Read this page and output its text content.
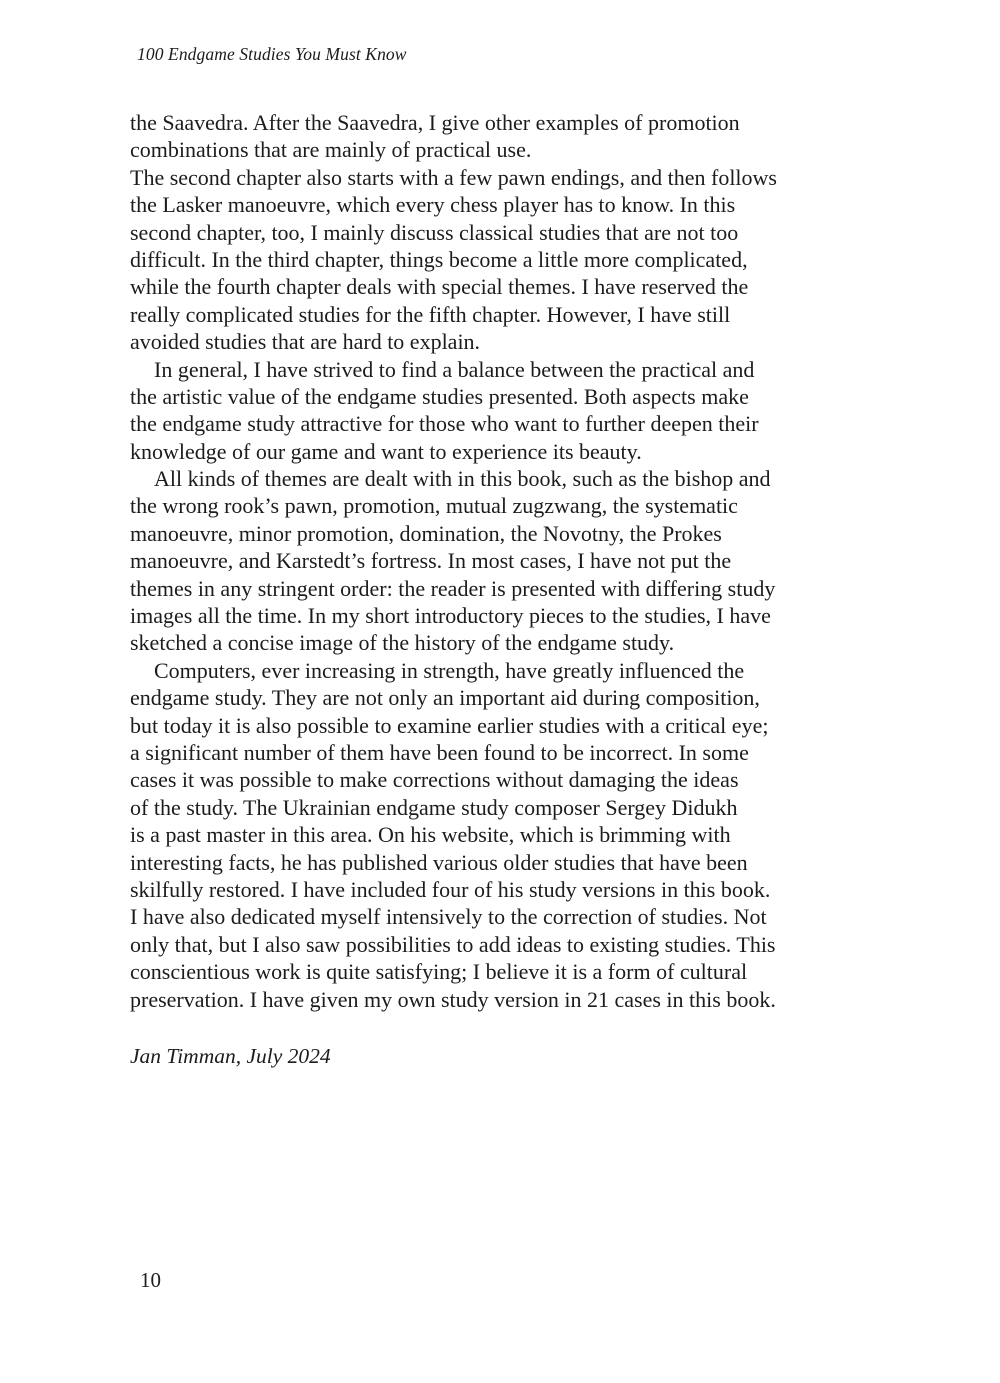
100 Endgame Studies You Must Know
the Saavedra. After the Saavedra, I give other examples of promotion
combinations that are mainly of practical use.
The second chapter also starts with a few pawn endings, and then follows
the Lasker manoeuvre, which every chess player has to know. In this
second chapter, too, I mainly discuss classical studies that are not too
difficult. In the third chapter, things become a little more complicated,
while the fourth chapter deals with special themes. I have reserved the
really complicated studies for the fifth chapter. However, I have still
avoided studies that are hard to explain.
In general, I have strived to find a balance between the practical and
the artistic value of the endgame studies presented. Both aspects make
the endgame study attractive for those who want to further deepen their
knowledge of our game and want to experience its beauty.
All kinds of themes are dealt with in this book, such as the bishop and
the wrong rook’s pawn, promotion, mutual zugzwang, the systematic
manoeuvre, minor promotion, domination, the Novotny, the Prokes
manoeuvre, and Karstedt’s fortress. In most cases, I have not put the
themes in any stringent order: the reader is presented with differing study
images all the time. In my short introductory pieces to the studies, I have
sketched a concise image of the history of the endgame study.
Computers, ever increasing in strength, have greatly influenced the
endgame study. They are not only an important aid during composition,
but today it is also possible to examine earlier studies with a critical eye;
a significant number of them have been found to be incorrect. In some
cases it was possible to make corrections without damaging the ideas
of the study. The Ukrainian endgame study composer Sergey Didukh
is a past master in this area. On his website, which is brimming with
interesting facts, he has published various older studies that have been
skilfully restored. I have included four of his study versions in this book.
I have also dedicated myself intensively to the correction of studies. Not
only that, but I also saw possibilities to add ideas to existing studies. This
conscientious work is quite satisfying; I believe it is a form of cultural
preservation. I have given my own study version in 21 cases in this book.
Jan Timman, July 2024
10
